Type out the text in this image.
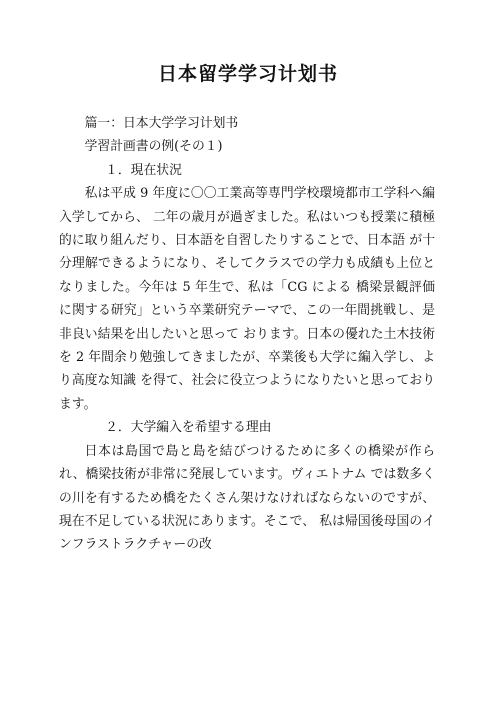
日本留学学习计划书

篇一：日本大学学习计划书

学習計画書の例(その１)

１．現在状況

私は平成 9 年度に〇〇工業高等専門学校環境都市工学科へ編入学してから、 二年の歳月が過ぎました。私はいつも授業に積極的に取り組んだり、日本語を自習したりすることで、日本語 が十分理解できるようになり、そしてクラスでの学力も成績も上位となりました。今年は 5 年生で、私は「CG による 橋梁景観評価に関する研究」という卒業研究テーマで、この一年間挑戦し、是非良い結果を出したいと思って おります。日本の優れた土木技術を 2 年間余り勉強してきましたが、卒業後も大学に編入学し、より高度な知識 を得て、社会に役立つようになりたいと思っております。

２．大学編入を希望する理由

日本は島国で島と島を結びつけるために多くの橋梁が作られ、橋梁技術が非常に発展しています。ヴィエトナム では数多くの川を有するため橋をたくさん架けなければならないのですが、現在不足している状況にあります。そこで、 私は帰国後母国のインフラストラクチャーの改
